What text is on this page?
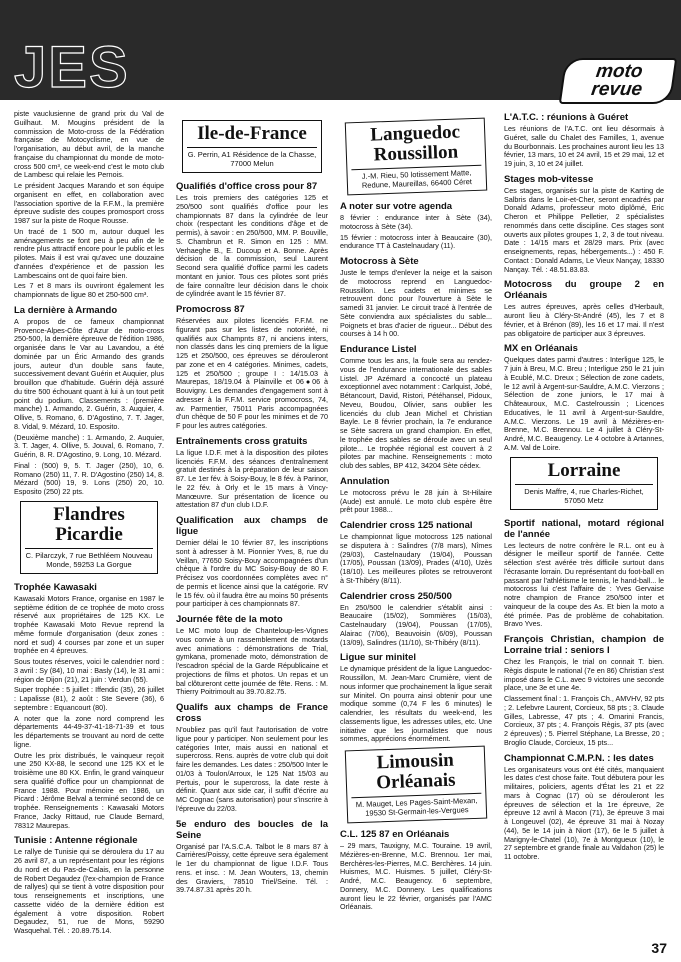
JES	moto
revue

piste vauclusienne de grand prix du Val de Guilhaut. M. Mougins président de la commission de Moto-cross de la Fédération française de Motocyclisme, en vue de l'organisation, au début avril, de la manche française du championnat du monde de moto-cross 500 cm³, ce week-end c'est le moto club de Lambesc qui relaie les Pernois.

Le président Jacques Marando et son équipe organisent en effet, en collaboration avec l'association sportive de la F.F.M., la première épreuve sudiste des coupes promosport cross 1987 sur la piste de Roque Rousse.

Un tracé de 1 500 m, autour duquel les aménagements se font peu à peu afin de le rendre plus attractif encore pour le public et les pilotes. Mais il est vrai qu'avec une douzaine d'années d'expérience et de passion les Lambescains ont de quoi faire bien.

Les 7 et 8 mars ils ouvriront également les championnats de ligue 80 et 250-500 cm³.

La dernière à Armando

A propos de ce fameux championnat Provence-Alpes-Côte d'Azur de moto-cross 250-500, la dernière épreuve de l'édition 1986, organisée dans le Var au Lavandou, a été dominée par un Éric Armando des grands jours, auteur d'un double sans faute, successivement devant Guérin et Auquier, plus brouillon que d'habitude. Guérin déjà assuré du titre 500 échouant quant à lui à un tout petit point du podium. Classements : (première manche) 1. Armando, 2. Guérin, 3. Auquier, 4. Ollive, 5. Romano, 6. D'Agostino, 7. T. Jager, 8. Vidal, 9. Mézard, 10. Esposito.

(Deuxième manche) : 1. Armando, 2. Auquier, 3. T. Jager, 4. Ollive, 5. Jouval, 6. Romano, 7. Guérin, 8. R. D'Agostino, 9. Long, 10. Mézard.

Final : (500) 9, 5. T. Jager (250), 10, 6. Romano (250) 11, 7. R. D'Agostino (250) 14, 8. Mézard (500) 19, 9. Lons (250) 20, 10. Esposito (250) 22 pts.

Flandres Picardie
C. Pilarczyk, 7 rue Bethléem Nouveau Monde, 59253 La Gorgue
Trophée Kawasaki

Kawasaki Motors France, organise en 1987 le septième édition de ce trophée de moto cross réservé aux propriétaires de 125 KX. Le trophée Kawasaki Moto Revue reprend la même formule d'organisation (deux zones : nord et sud) 4 courses par zone et un super trophée en 4 épreuves.

Sous toutes réserves, voici le calendrier nord : 3 avril : Sy (84), 10 mai : Basly (14), le 31 ami : région de Dijon (21), 21 juin : Verdun (55).

Super trophée : 5 juillet : Iffendic (35), 26 juillet : Lapalisse (81), 2 août : Ste Severe (36), 6 septembre : Equancourt (80).

A noter que la zone nord comprend les départements 44-49-37-41-18-71-39 et tous les départements se trouvant au nord de cette ligne.

Outre les prix distribués, le vainqueur reçoit une 250 KX-88, le second une 125 KX et le troisième une 80 KX. Enfin, le grand vainqueur sera qualifié d'office pour un championnat de France 1988. Pour mémoire en 1986, un Picard : Jérôme Belval a terminé second de ce trophée. Renseignements : Kawasaki Motors France, Jacky Rittaud, rue Claude Bernard, 78312 Maurepas.

Tunisie : Antenne régionale

Le rallye de Tunisie qui se déroulera du 17 au 26 avril 87, a un représentant pour les régions du nord et du Pas-de-Calais, en la personne de Robert Degaudez (l'ex-champion de France de rallyes) qui se tient à votre disposition pour tous renseignements et inscriptions, une cassette vidéo de la dernière édition est également à votre disposition. Robert Degaudez, 51, rue de Mons, 59290 Wasquehal. Tél. : 20.89.75.14.

Ile-de-France
G. Perrin, A1 Résidence de la Chasse, 77000 Melun
Qualifiés d'office cross pour 87

Les trois premiers des catégories 125 et 250/500 sont qualifiés d'office pour les championnats 87 dans la cylindrée de leur choix (respectant les conditions d'âge et de permis), à savoir : en 250/500, MM. P. Bouville, S. Chambrun et R. Simon en 125 : MM. Verhaeghe B., E. Ducoup et A. Bonne. Après décision de la commission, seul Laurent Second sera qualifié d'office parmi les cadets montant en junior. Tous ces pilotes sont priés de faire connaître leur décision dans le choix de cylindrée avant le 15 février 87.

Promocross 87

Réservées aux pilotes licenciés F.F.M. ne figurant pas sur les listes de notoriété, ni qualifiés aux Champnts 87, ni anciens inters, non classés dans les cinq premiers de la ligue 125 et 250/500, ces épreuves se dérouleront par zone et en 4 catégories. Minimes, cadets, 125 et 250/500 ; groupe I : 14/15.03 à Maurepas, 18/19.04 à Plainville et 06●06 à Bouvigny. Les demandes d'engagement sont à adresser à la F.F.M. service promocross, 74, av. Parmentier, 75011 Paris accompagnées d'un chèque de 50 F pour les minimes et de 70 F pour les autres catégories.

Entraînements cross gratuits

La ligue I.D.F. met à la disposition des pilotes licenciés F.F.M. des séances d'entraînement gratuit destinés à la préparation de leur saison 87. Le 1er fév. à Soisy-Bouy, le 8 fév. à Parinor, le 22 fév. à Orly et le 15 mars à Vincy-Manœuvre. Sur présentation de licence ou attestation 87 d'un club I.D.F.

Qualification aux champs de ligue

Dernier délai le 10 février 87, les inscriptions sont à adresser à M. Pionnier Yves, 8, rue du Veillan, 77650 Soisy-Bouy accompagnées d'un chèque à l'ordre du MC Soisy-Bouy de 80 F. Précisez vos coordonnées complètes avec n° de permis et licence ainsi que la catégorie. RV le 15 fév. où il faudra être au moins 50 présents pour participer à ces championnats 87.

Journée fête de la moto

Le MC moto loup de Chanteloup-les-Vignes vous convie à un rassemblement de motards avec animations : démonstrations de Trial, gymkana, promenade moto, démonstration de l'escadron spécial de la Garde Républicaine et projections de films et photos. Un repas et un bal clôtureront cette journée de fête. Rens. : M. Thierry Poitrimoult au 39.70.82.75.

Qualifs aux champs de France cross

N'oubliez pas qu'il faut l'autorisation de votre ligue pour y participer. Non seulement pour les catégories Inter, mais aussi en national et supercross. Rens. auprès de votre club qui doit faire les demandes. Les dates : 250/500 Inter le 01/03 à Toulon/Arroux, le 125 Nat 15/03 au Pertuis, pour le supercross, la date reste à définir. Quant aux side car, il suffit d'écrire au MC Cognac (sans autorisation) pour s'inscrire à l'épreuve du 22/03.

5e enduro des boucles de la Seine

Organisé par l'A.S.C.A. Talbot le 8 mars 87 à Carrières/Poissy, cette épreuve sera également le 1er du championnat de ligue I.D.F. Tous rens. et insc. : M. Jean Wouters, 13, chemin des Graviers, 78510 Triel/Seine. Tél. : 39.74.87.31 après 20 h.

Languedoc Roussillon
J.-M. Rieu, 50 lotissement Matte, Redune, Maureillas, 66400 Céret
A noter sur votre agenda

8 février : endurance inter à Sète (34), motocross à Sète (34).

15 février : motocross inter à Beaucaire (30), endurance TT à Castelnaudary (11).

Motocross à Sète

Juste le temps d'enlever la neige et la saison de motocross reprend en Languedoc-Roussillon. Les cadets et minimes se retrouvent donc pour l'ouverture à Sète le samedi 31 janvier. Le circuit tracé à l'entrée de Sète conviendra aux spécialistes du sable... Poignets et bras d'acier de rigueur... Début des courses à 14 h 00.

Endurance Listel

Comme tous les ans, la foule sera au rendez-vous de l'endurance internationale des sables Listel. JP Azémard a concocté un plateau exceptionnel avec notamment : Carlquist, Jobé, Bétancourt, David, Ristori, Pétéhansel, Pidoux, Neveu, Boudou, Olivier, sans oublier les licenciés du club Jean Michel et Christian Bayle. Le 8 février prochain, la 7e endurance se Sète sacrera un grand champion. En effet, le trophée des sables se déroule avec un seul pilote... Le trophée régional est couvert à 2 pilotes par machine. Renseignements : moto club des sables, BP 412, 34204 Sète cédex.

Annulation

Le motocross prévu le 28 juin à St-Hilaire (Aude) est annulé. Le moto club espère être prêt pour 1988...

Calendrier cross 125 national

Le championnat ligue motocross 125 national se disputera à : Salindres (7/8 mars), Nîmes (29/03), Castelnaudary (19/04), Poussan (17/05), Poussan (13/09), Prades (4/10), Uzès (18/10). Les meilleures pilotes se retrouveront à St-Thibéry (8/11).

Calendrier cross 250/500

En 250/500 le calendrier s'établit ainsi : Beaucaire (15/02), Sommières (15/03), Castelnaudary (19/04), Poussan (17/05), Alairac (7/06), Beauvoisin (6/09), Poussan (13/09), Salindres (11/10), St-Thibéry (8/11).

Ligue sur minitel

Le dynamique président de la ligue Languedoc-Roussillon, M. Jean-Marc Crumière, vient de nous informer que prochainement la ligue serait sur Minitel. On pourra ainsi obtenir pour une modique somme (0,74 F les 6 minutes) le calendrier, les résultats du week-end, les classements ligue, les adresses utiles, etc. Une initiative que les journalistes que nous sommes, apprécions énormément.

Limousin Orléanais
M. Mauget, Les Pages-Saint-Mexan, 19530 St-Germain-les-Vergues
C.L. 125 87 en Orléanais

– 29 mars, Tauxigny, M.C. Touraine. 19 avril, Mézières-en-Brenne, M.C. Brennou. 1er mai, Berchères-les-Pierres, M.C. Berchères. 14 juin. Huismes, M.C. Huismes. 5 juillet, Cléry-St-André, M.C. Beaugency. 6 septembre, Donnery, M.C. Donnery. Les qualifications auront lieu le 22 février, organisés par l'AMC Orléanais.

L'A.T.C. : réunions à Guéret

Les réunions de l'A.T.C. ont lieu désormais à Guéret, salle du Chalet des Familles, 1, avenue du Bourbonnais. Les prochaines auront lieu les 13 février, 13 mars, 10 et 24 avril, 15 et 29 mai, 12 et 19 juin, 3, 10 et 24 juillet.

Stages mob-vitesse

Ces stages, organisés sur la piste de Karting de Salbris dans le Loir-et-Cher, seront encadrés par Donald Adams, professeur moto diplômé, Eric Cheron et Philippe Pelletier, 2 spécialistes renommés dans cette discipline. Ces stages sont ouverts aux pilotes groupes 1, 2, 3 de tout niveau. Date : 14/15 mars et 28/29 mars. Prix (avec enseignements, repas, hébergements...) : 450 F. Contact : Donald Adams, Le Vieux Nançay, 18330 Nançay. Tél. : 48.51.83.83.

Motocross du groupe 2 en Orléanais

Les autres épreuves, après celles d'Herbault, auront lieu à Cléry-St-André (45), les 7 et 8 février, et à Brénon (89), les 16 et 17 mai. Il n'est pas obligatoire de participer aux 3 épreuves.

MX en Orléanais

Quelques dates parmi d'autres : Interligue 125, le 7 juin à Breu, M.C. Breu ; Interligue 250 le 21 juin à Ecublé, M.C. Dreux ; Sélection de zone cadets, le 12 avril à Argent-sur-Sauldre, A.M.C. Vierzons ; Sélection de zone juniors, le 17 mai à Châteauroux, M.C. Castelroussin ; Licences Educatives, le 11 avril à Argent-sur-Sauldre, A.M.C. Vierzons. Le 19 avril à Mézières-en-Brenne, M.C. Brennou. Le 4 juillet à Cléry-St-André, M.C. Beaugency. Le 4 octobre à Artannes, A.M. Val de Loire.

Lorraine
Denis Maffre, 4, rue Charles-Richet, 57050 Metz
Sportif national, motard régional de l'année

Les lecteurs de notre confrère le R.L. ont eu à désigner le meilleur sportif de l'année. Cette sélection s'est avérée très difficile surtout dans l'écrasante lorrain. Du représentant du foot-ball en passant par l'athlétisme le tennis, le hand-ball... le motocross lui c'est l'affaire de : Yves Gervaise notre champion de France 250/500 inter et vainqueur de la coupe des As. Et bien la moto a été primée. Pas de problème de cohabitation. Bravo Yves.

François Christian, champion de Lorraine trial : seniors I

Chez les François, le trial on connait T. bien. Règis dispute le national (7e en 86) Christian s'est imposé dans le C.L. avec 9 victoires une seconde place, une 3e et une 4e.

Classement final : 1. François Ch., AMVHV, 92 pts ; 2. Lefebvre Laurent, Corcieux, 58 pts ; 3. Claude Gilles, Labresse, 47 pts ; 4. Omarini Francis, Corcieux, 37 pts ; 4. François Règis, 37 pts (avec 2 épreuves) ; 5. Pierrel Stéphane, La Bresse, 20 ; Broglio Claude, Corcieux, 15 pts...

Championnat C.M.P.N. : les dates

Les organisateurs vous ont été cités, manquaient les dates c'est chose faite. Tout débutera pour les militaires, policiers, agents d'État les 21 et 22 mars à Cognac (17) où se dérouleront les épreuves de sélection et la 1re épreuve, 2e épreuve 12 avril à Macon (71), 3e épreuve 3 mai à Longeuvel (02), 4e épreuve 31 mai à Nozay (44), 5e le 14 juin à Niort (17), 6e le 5 juillet à Marigny-le-Chatel (10), 7e à Montgueux (10), le 27 septembre et grande finale au Valdahon (25) le 11 octobre.

37
